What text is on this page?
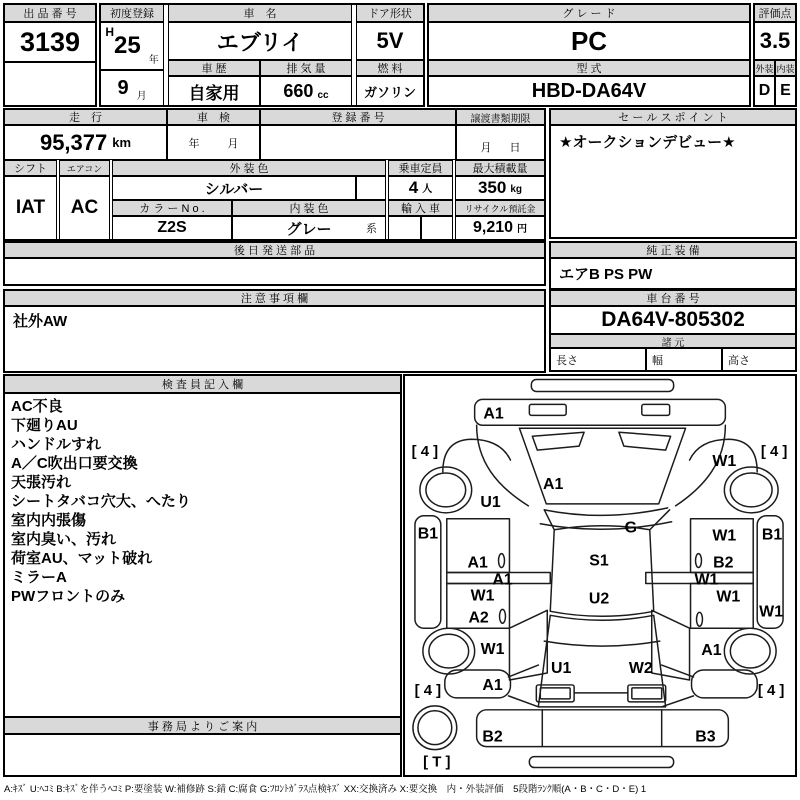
出 品 番 号
3139
初度登録
H 25
年
9 月
車　名
エブリイ
車 歴
自家用
排 気 量
660 cc
ドア形状
5V
燃 料
ガソリン
グ レ ー ド
PC
型 式
HBD-DA64V
評価点
3.5
外装 内装
D E
走　行
95,377 km
車　検
年	月
登 録 番 号	譲渡書類期限
月 日
セ ー ル ス ポ イ ン ト
★オークションデビュー★
シフト
IAT
エアコン
AC
外 装 色
シルバー
カ ラ ー N o .
Z2S
内 装 色
グレー	系
乗車定員
4 人
輸 入 車
最大積載量
350 kg
リサイクル預託金
9,210 円
後 日 発 送 部 品	純 正 装 備
エアB PS PW
注 意 事 項 欄
社外AW
車 台 番 号
DA64V-805302
諸 元
長さ	幅	高さ
検 査 員 記 入 欄
AC不良
下廻りAU
ハンドルすれ
A／C吹出口要交換
天張汚れ
シートタバコ穴大、へたり
室内内張傷
室内臭い、汚れ
荷室AU、マット破れ
ミラーA
PWフロントのみ
事 務 局 よ り ご 案 内
A1
[ 4 ]	[ 4 ]
W1
A1
U1
B1	B1
G
S1
A1
W1
A1	W1
B2
W1	W1
A2	W1
U2
W1	A1
A1
U1	W2
[ 4 ]	[ 4 ]
B2	B3
[ T ]
A:ｷｽﾞ U:ﾍｺﾐ B:ｷｽﾞを伴うﾍｺﾐ P:要塗装 W:補修跡 S:錆 C:腐食 G:ﾌﾛﾝﾄｶﾞﾗｽ点検ｷｽﾞ XX:交換済み X:要交換　内・外装評価　5段階ﾗﾝｸ順(A・B・C・D・E) 1
